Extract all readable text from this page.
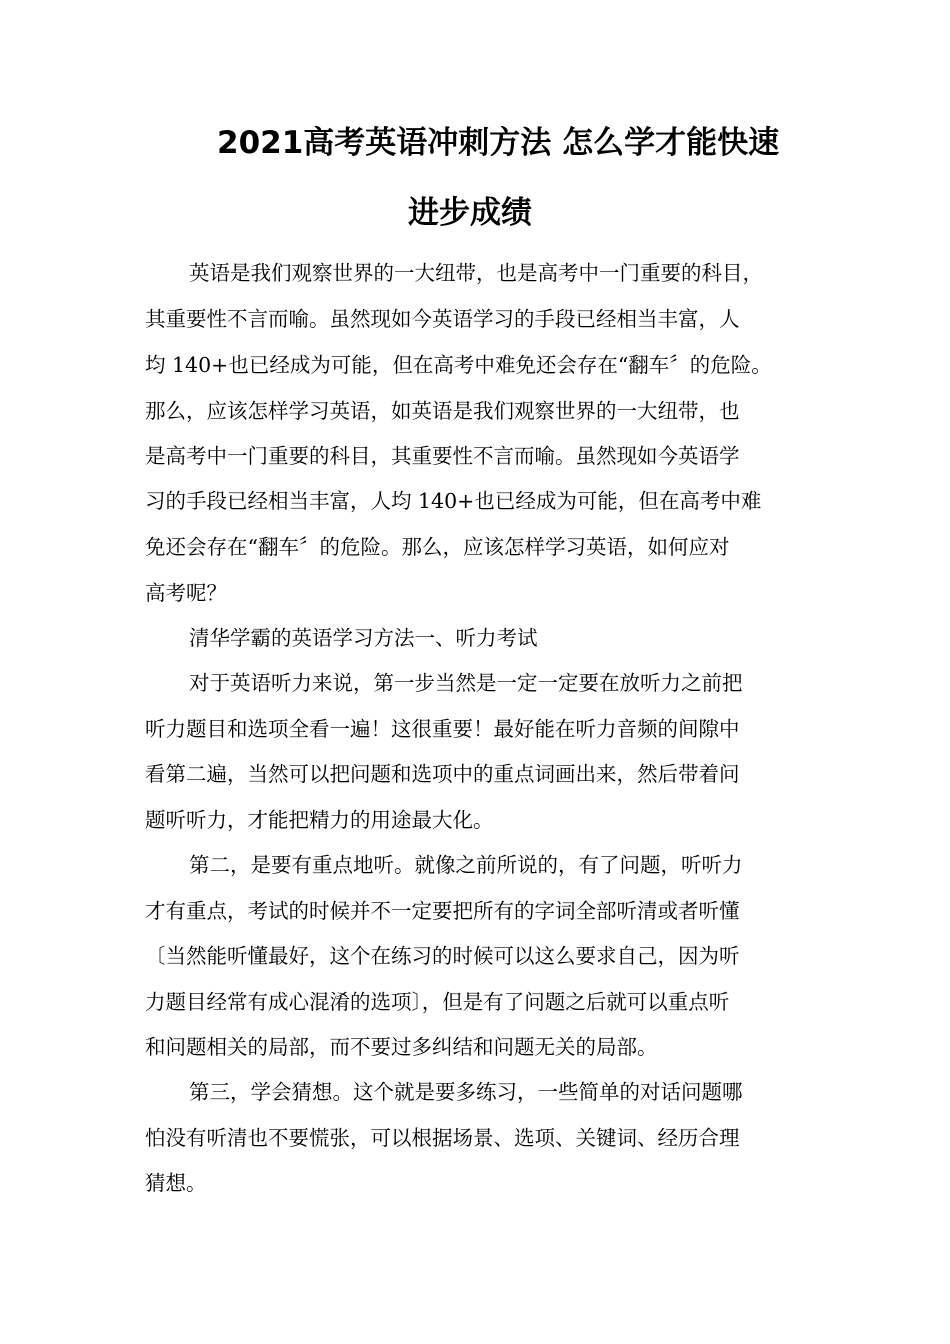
2021高考英语冲刺方法 怎么学才能快速
进步成绩
英语是我们观察世界的一大纽带，也是高考中一门重要的科目，
其重要性不言而喻。虽然现如今英语学习的手段已经相当丰富，人
均 140+也已经成为可能，但在高考中难免还会存在“翻车〞的危险。
那么，应该怎样学习英语，如英语是我们观察世界的一大纽带，也
是高考中一门重要的科目，其重要性不言而喻。虽然现如今英语学
习的手段已经相当丰富，人均 140+也已经成为可能，但在高考中难
免还会存在“翻车〞的危险。那么，应该怎样学习英语，如何应对
高考呢？
清华学霸的英语学习方法一、听力考试
对于英语听力来说，第一步当然是一定一定要在放听力之前把
听力题目和选项全看一遍！这很重要！最好能在听力音频的间隙中
看第二遍，当然可以把问题和选项中的重点词画出来，然后带着问
题听听力，才能把精力的用途最大化。
第二，是要有重点地听。就像之前所说的，有了问题，听听力
才有重点，考试的时候并不一定要把所有的字词全部听清或者听懂
〔当然能听懂最好，这个在练习的时候可以这么要求自己，因为听
力题目经常有成心混淆的选项〕，但是有了问题之后就可以重点听
和问题相关的局部，而不要过多纠结和问题无关的局部。
第三，学会猜想。这个就是要多练习，一些简单的对话问题哪
怕没有听清也不要慌张，可以根据场景、选项、关键词、经历合理
猜想。
